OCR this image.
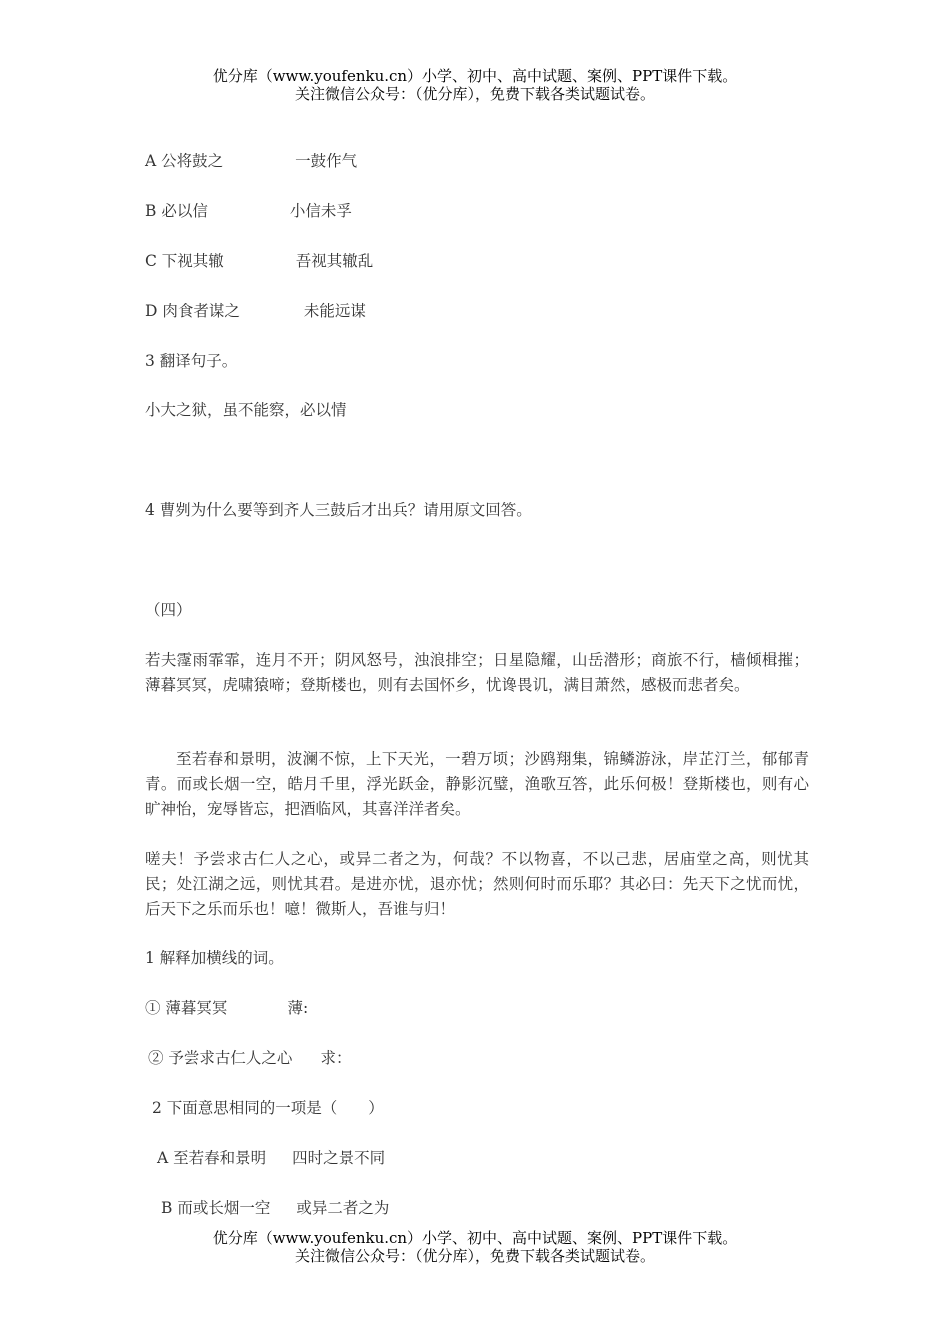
优分库（www.youfenku.cn）小学、初中、高中试题、案例、PPT课件下载。
关注微信公众号：（优分库），免费下载各类试题试卷。
A 公将鼓之	一鼓作气
B 必以信	小信未孚
C 下视其辙	吾视其辙乱
D 肉食者谋之	未能远谋
3 翻译句子。
小大之狱，虽不能察，必以情
4 曹刿为什么要等到齐人三鼓后才出兵？请用原文回答。
（四）
若夫霪雨霏霏，连月不开；阴风怒号，浊浪排空；日星隐耀，山岳潜形；商旅不行，樯倾楫摧；薄暮冥冥，虎啸猿啼；登斯楼也，则有去国怀乡，忧谗畏讥，满目萧然，感极而悲者矣。
至若春和景明，波澜不惊，上下天光，一碧万顷；沙鸥翔集，锦鳞游泳，岸芷汀兰，郁郁青青。而或长烟一空，皓月千里，浮光跃金，静影沉璧，渔歌互答，此乐何极！登斯楼也，则有心旷神怡，宠辱皆忘，把酒临风，其喜洋洋者矣。
嗟夫！予尝求古仁人之心，或异二者之为，何哉？不以物喜，不以己悲，居庙堂之高，则忧其民；处江湖之远，则忧其君。是进亦忧，退亦忧；然则何时而乐耶？其必曰：先天下之忧而忧，后天下之乐而乐也！噫！微斯人，吾谁与归！
1 解释加横线的词。
① 薄暮冥冥	薄:
② 予尝求古仁人之心 求：
2 下面意思相同的一项是（　　）
A 至若春和景明 四时之景不同
B 而或长烟一空 或异二者之为
优分库（www.youfenku.cn）小学、初中、高中试题、案例、PPT课件下载。
关注微信公众号：（优分库），免费下载各类试题试卷。
